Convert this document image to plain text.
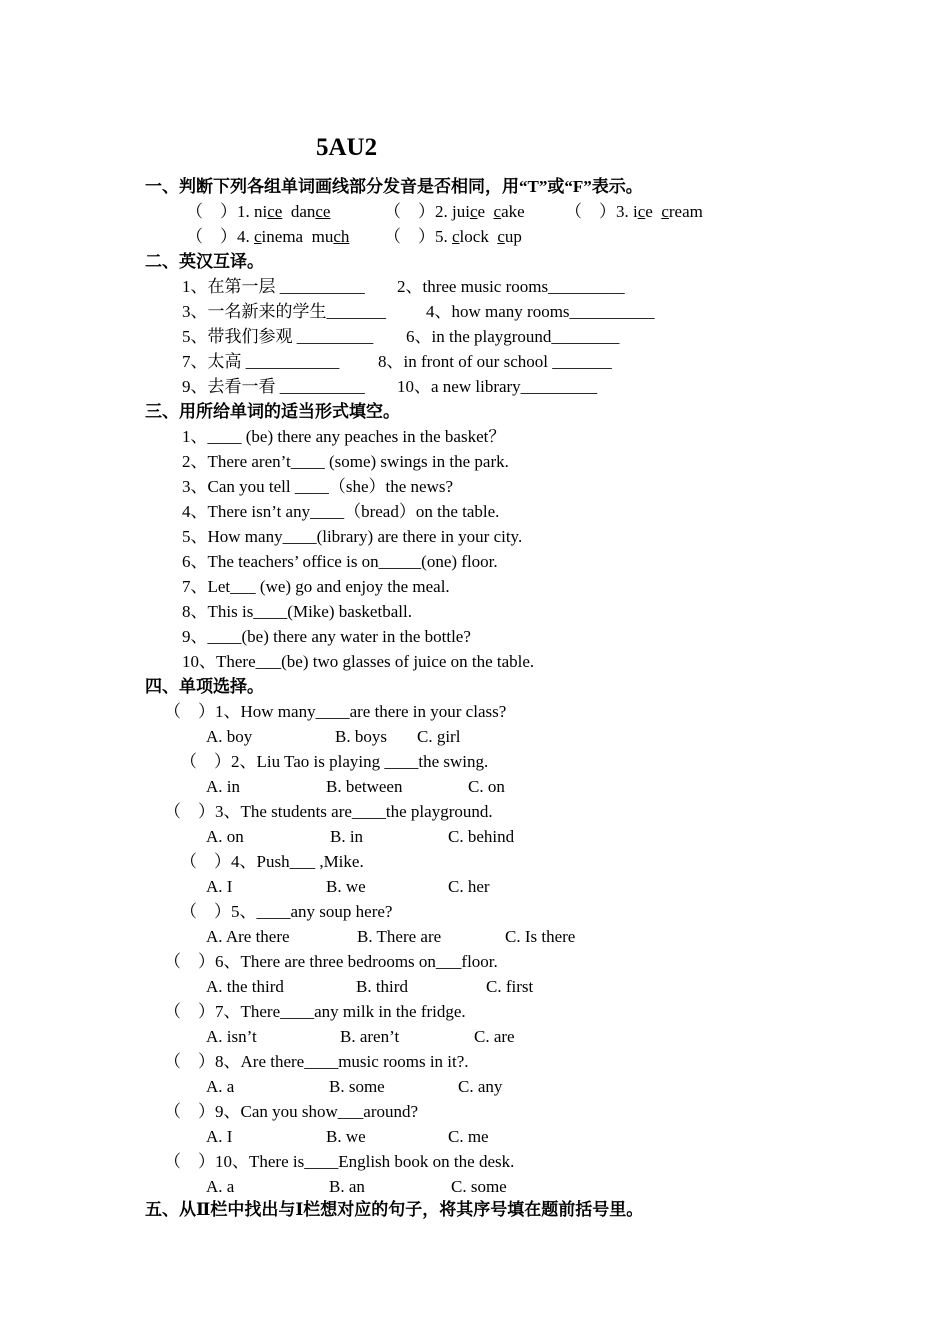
5AU2
一、判断下列各组单词画线部分发音是否相同，用“T”或“F”表示。
（　）1. nice dance	（　）2. juice cake （　）3. ice cream
（　）4. cinema much （　）5. clock cup
二、英汉互译。
1、在第一层 __________ 2、three music rooms_________
3、一名新来的学生_______ 4、how many rooms__________
5、带我们参观 _________ 6、in the playground________
7、太高 ___________ 8、in front of our school _______
9、去看一看 __________ 10、a new library_________
三、用所给单词的适当形式填空。
1、____ (be) there any peaches in the basket？
2、There aren’t____ (some) swings in the park.
3、Can you tell ____（she）the news?
4、There isn’t any____（bread）on the table.
5、How many____(library) are there in your city.
6、The teachers’ office is on_____(one) floor.
7、Let___ (we) go and enjoy the meal.
8、This is____(Mike) basketball.
9、____(be) there any water in the bottle?
10、There___(be) two glasses of juice on the table.
四、单项选择。
（　）1、How many____are there in your class?
A. boy	B. boys C. girl
（　）2、Liu Tao is playing ____the swing.
A. in	B. between	C. on
（　）3、The students are____the playground.
A. on	B. in	C. behind
（　）4、Push___ ,Mike.
A. I	B. we	C. her
（　）5、____any soup here?
A. Are there	B. There are	C. Is there
（　）6、There are three bedrooms on___floor.
A. the third	B. third	C. first
（　）7、There____any milk in the fridge.
A. isn’t	B. aren’t	C. are
（　）8、Are there____music rooms in it?.
A. a	B. some	C. any
（　）9、Can you show___around?
A. I	B. we	C. me
（　）10、There is____English book on the desk.
A. a	B. an	C. some
五、从Ⅱ栏中找出与Ⅰ栏想对应的句子，将其序号填在题前括号里。
